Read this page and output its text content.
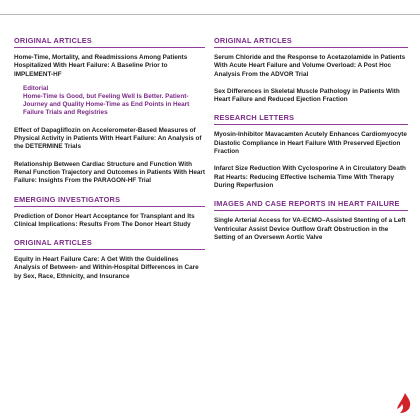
ORIGINAL ARTICLES
Home-Time, Mortality, and Readmissions Among Patients Hospitalized With Heart Failure: A Baseline Prior to IMPLEMENT-HF
Editorial
Home-Time Is Good, but Feeling Well Is Better. Patient-Journey and Quality Home-Time as End Points in Heart Failure Trials and Registries
Effect of Dapagliflozin on Accelerometer-Based Measures of Physical Activity in Patients With Heart Failure: An Analysis of the DETERMINE Trials
Relationship Between Cardiac Structure and Function With Renal Function Trajectory and Outcomes in Patients With Heart Failure: Insights From the PARAGON-HF Trial
EMERGING INVESTIGATORS
Prediction of Donor Heart Acceptance for Transplant and Its Clinical Implications: Results From The Donor Heart Study
ORIGINAL ARTICLES
Equity in Heart Failure Care: A Get With the Guidelines Analysis of Between- and Within-Hospital Differences in Care by Sex, Race, Ethnicity, and Insurance
ORIGINAL ARTICLES
Serum Chloride and the Response to Acetazolamide in Patients With Acute Heart Failure and Volume Overload: A Post Hoc Analysis From the ADVOR Trial
Sex Differences in Skeletal Muscle Pathology in Patients With Heart Failure and Reduced Ejection Fraction
RESEARCH LETTERS
Myosin-Inhibitor Mavacamten Acutely Enhances Cardiomyocyte Diastolic Compliance in Heart Failure With Preserved Ejection Fraction
Infarct Size Reduction With Cyclosporine A in Circulatory Death Rat Hearts: Reducing Effective Ischemia Time With Therapy During Reperfusion
IMAGES AND CASE REPORTS IN HEART FAILURE
Single Arterial Access for VA-ECMO–Assisted Stenting of a Left Ventricular Assist Device Outflow Graft Obstruction in the Setting of an Oversewn Aortic Valve
